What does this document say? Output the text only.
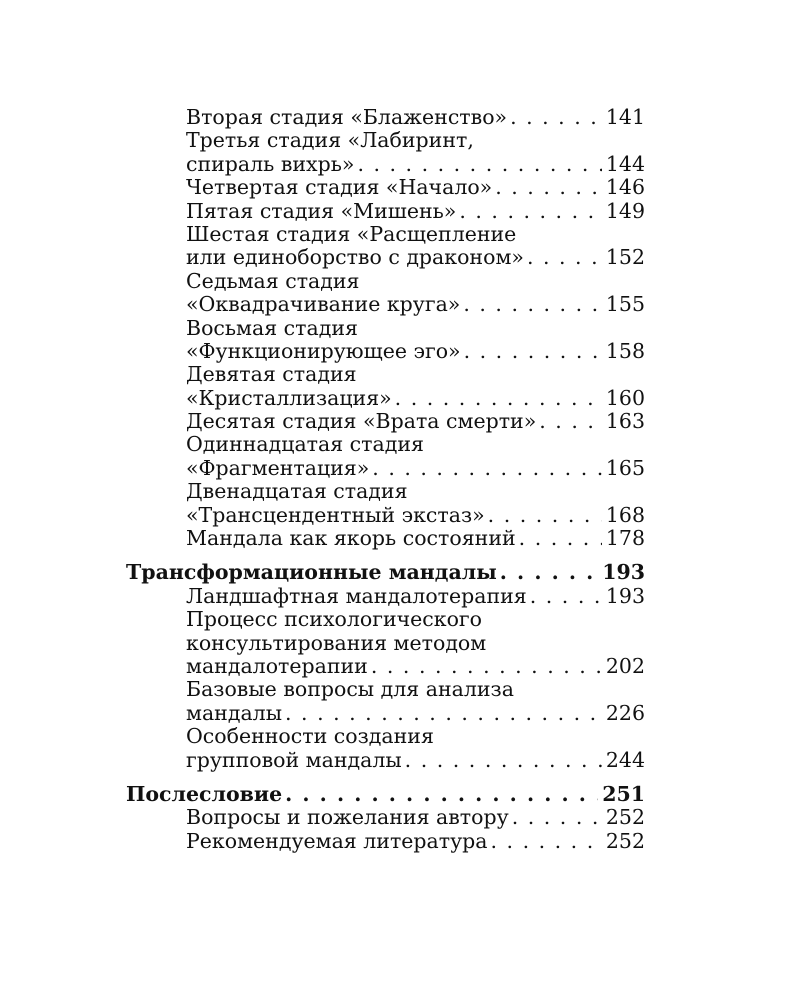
Вторая стадия «Блаженство» . . .	141
Третья стадия «Лабиринт,
спираль вихрь» . . .	144
Четвертая стадия «Начало» . . .	146
Пятая стадия «Мишень» . . .	149
Шестая стадия «Расщепление
или единоборство с драконом» . . .	152
Седьмая стадия
«Оквадрачивание круга» . . .	155
Восьмая стадия
«Функционирующее эго» . . .	158
Девятая стадия
«Кристаллизация» . . .	160
Десятая стадия «Врата смерти» . . .	163
Одиннадцатая стадия
«Фрагментация» . . .	165
Двенадцатая стадия
«Трансцендентный экстаз» . . .	168
Мандала как якорь состояний . . .	178
Трансформационные мандалы . . .	193
Ландшафтная мандалотерапия . . .	193
Процесс психологического
консультирования методом
мандалотерапии . . .	202
Базовые вопросы для анализа
мандалы . . .	226
Особенности создания
групповой мандалы . . .	244
Послесловие . . .	251
Вопросы и пожелания автору . . .	252
Рекомендуемая литература . . .	252
